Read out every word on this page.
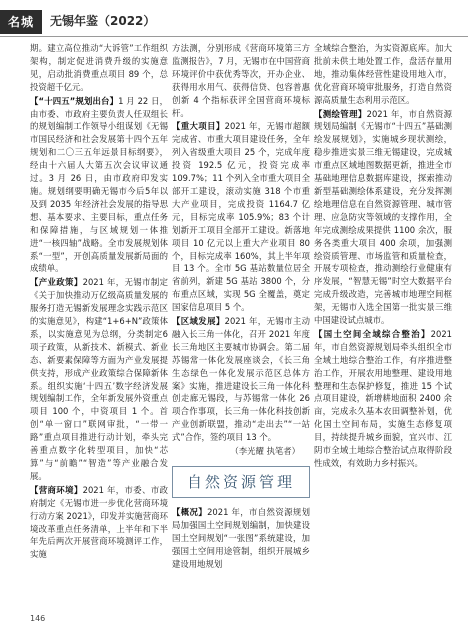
名城	无锡年鉴（2022）

期。建立高位推动“大诉管”工作组织架构，制定促进消费升级的实施意见，启动批消费重点项目 89 个，总投资超千亿元。

【“十四五”规划出台】1 月 22 日，由市委、市政府主要负责人任双组长的规划编制工作领导小组谋划《无锡市国民经济和社会发展第十四个五年规划和二〇三五年远景目标纲要》，经由十六届人大第五次会议审议通过。3 月 26 日，由市政府印发实施。规划纲要明确无锡市今后5年以及到 2035 年经济社会发展的指导思想、基本要求、主要目标，重点任务和保障措施，与区域规划一体推进“一核四轴”战略。全市发展规划体系“一型”，开创高质量发展新局面的成绩单。

【产业政策】2021 年，无锡市制定《关于加快推动万亿级高质量发展的服务打造无锡新发展理念实践示范区的实施意见》，构建“1+6+N”政策体系，以实施意见为总纲，分类制定6项子政策，从新技术、新模式、新业态、新要素保障等方面为产业发展提供支持，形成产业政策综合保障新体系。组织实施‘十四五’数字经济发展规划编制工作，全年新发展外资重点项目 100 个，中资项目 1 个。首创“单一窗口”联网审批，“一带一路”重点项目推进行动计划，牵头完善重点数字化转型项目，加快“芯算”与“前瞻”“智造”等产业融合发展。

【营商环境】2021 年，市委、市政府制定《无锡市进一步优化营商环境行动方案 2021》，印发并实施营商环境改革重点任务清单，上半年和下半年先后两次开展营商环境测评工作，实施

方法测，分别形成《营商环境第三方监测报告》，7 月，无锡市在中国营商环境评价中获优秀等次，开办企业、获得用水用气、获得信贷、包容普惠创新 4 个指标获评全国营商环境标杆。

【重大项目】2021 年，无锡市超额完成省、市重大项目建设任务，全年列入省级重大项目 25 个，完成年度投资 192.5 亿元，投资完成率 109.7%；11 个列入全市重大项目全部开工建设，滚动实施 318 个市重大产业项目，完成投资 1164.7 亿元，目标完成率 105.9%；83 个计划新开工项目全部开工建设。新落地项目 10 亿元以上重大产业项目 80 个，目标完成率 160%，其上半年项目 13 个。全市 5G 基站数量位居全省前列，新建 5G 基站 3800 个，分布重点区域，实现 5G 全覆盖，奠定国家信息项目 5 个。

【区域发展】2021 年，无锡市主动融入长三角一体化，召开 2021 年度长三角地区主要城市协调会。第二届苏锡常一体化发展座谈会，《长三角生态绿色一体化发展示范区总体方案》实施，推进建设长三角一体化科创走廊无锡段，与苏锡常一体化 26 项合作事项，长三角一体化科技创新产业创新联盟，推动“走出去”“一站式”合作，签约项目 13 个。

（李光耀 执笔者）

自然资源管理

【概况】2021 年，市自然资源规划局加强国土空间规划编制，加快建设国土空间规划“一张图”系统建设，加强国土空间用途管制，组织开展城乡建设用地规划

全域综合整治，为实资源底库。加大批前未供土地处置工作，盘活存量用地，推动集体经营性建设用地入市，优化营商环境审批服务，打造自然资源高质量生态利用示范区。

【测绘管理】2021 年，市自然资源规划局编制《无锡市“十四五”基础测绘发展规划》，实施城乡现状测绘，稳步推进实景三维无锡建设，完成城市重点区域地图数据更新，推进全市基础地理信息数据库建设，探索推动新型基础测绘体系建设，充分发挥测绘地理信息在自然资源管理、城市管理、应急防灾等领域的支撑作用，全年完成测绘成果提供 1100 余次，服务各类重大项目 400 余项，加强测绘资质管理、市场监管和质量检查，开展专项检查，推动测绘行业健康有序发展，“智慧无锡”时空大数据平台完成升级改造，完善城市地理空间框架，无锡市入选全国第一批实景三维中国建设试点城市。

【国土空间全域综合整治】2021 年，市自然资源规划局牵头组织全市全域土地综合整治工作，有序推进整治工作，开展农用地整理、建设用地整理和生态保护修复，推进 15 个试点项目建设，新增耕地面积 2400 余亩，完成永久基本农田调整补划，优化国土空间布局，实施生态修复项目，持续提升城乡面貌，宜兴市、江阴市全域土地综合整治试点取得阶段性成效，有效助力乡村振兴。

146
